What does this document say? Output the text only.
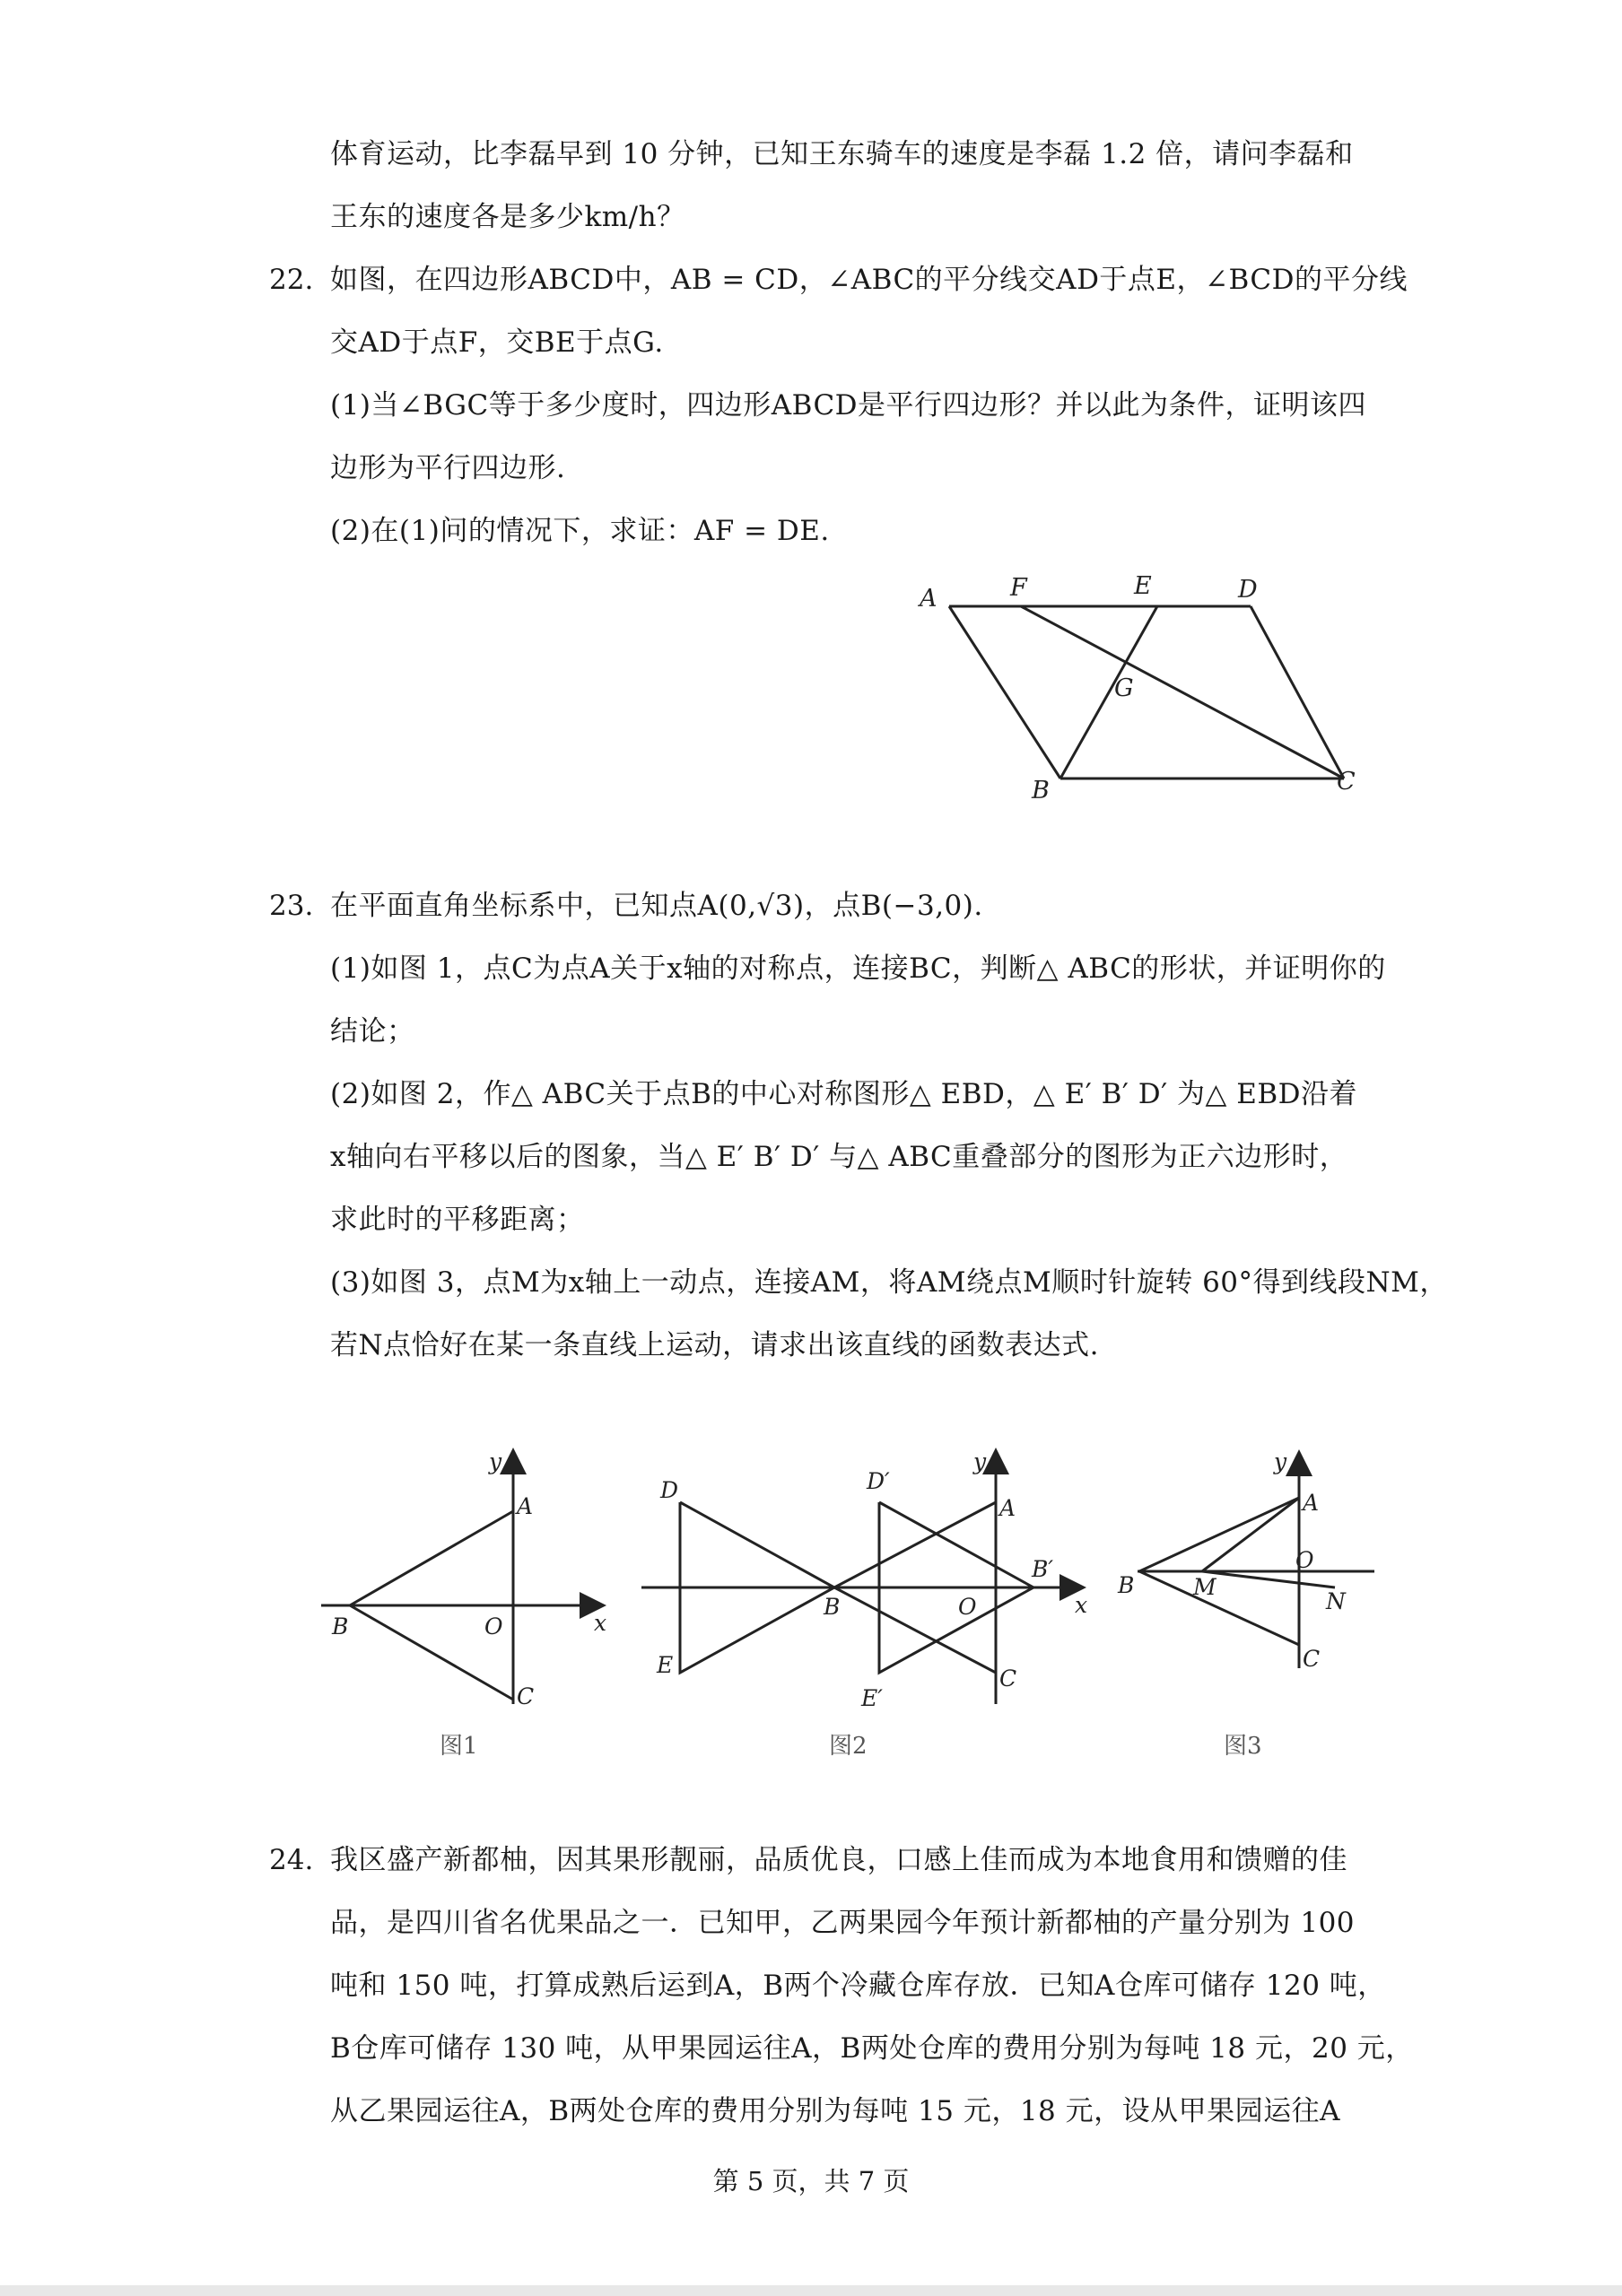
体育运动，比李磊早到 10 分钟，已知王东骑车的速度是李磊 1.2 倍，请问李磊和
王东的速度各是多少km/h？
22. 如图，在四边形ABCD中，AB = CD，∠ABC的平分线交AD于点E，∠BCD的平分线
交AD于点F，交BE于点G.
(1)当∠BGC等于多少度时，四边形ABCD是平行四边形？并以此为条件，证明该四
边形为平行四边形.
(2)在(1)问的情况下，求证：AF = DE.
A	F	E	D
G
B	C
23. 在平面直角坐标系中，已知点A(0,√3)，点B(−3,0).
(1)如图 1，点C为点A关于x轴的对称点，连接BC，判断△ ABC的形状，并证明你的
结论；
(2)如图 2，作△ ABC关于点B的中心对称图形△ EBD，△ E′ B′ D′ 为△ EBD沿着
x轴向右平移以后的图象，当△ E′ B′ D′ 与△ ABC重叠部分的图形为正六边形时，
求此时的平移距离；
(3)如图 3，点M为x轴上一动点，连接AM，将AM绕点M顺时针旋转 60°得到线段NM，
若N点恰好在某一条直线上运动，请求出该直线的函数表达式.
y
A
B	O	x
C
图1
y
D	D′
A
B′
B	O	x
E
C
E′
图2
y
A
O
B	M
N
C
图3
24. 我区盛产新都柚，因其果形靓丽，品质优良，口感上佳而成为本地食用和馈赠的佳
品，是四川省名优果品之一．已知甲，乙两果园今年预计新都柚的产量分别为 100
吨和 150 吨，打算成熟后运到A，B两个冷藏仓库存放．已知A仓库可储存 120 吨，
B仓库可储存 130 吨，从甲果园运往A，B两处仓库的费用分别为每吨 18 元，20 元，
从乙果园运往A，B两处仓库的费用分别为每吨 15 元，18 元，设从甲果园运往A
第 5 页，共 7 页
